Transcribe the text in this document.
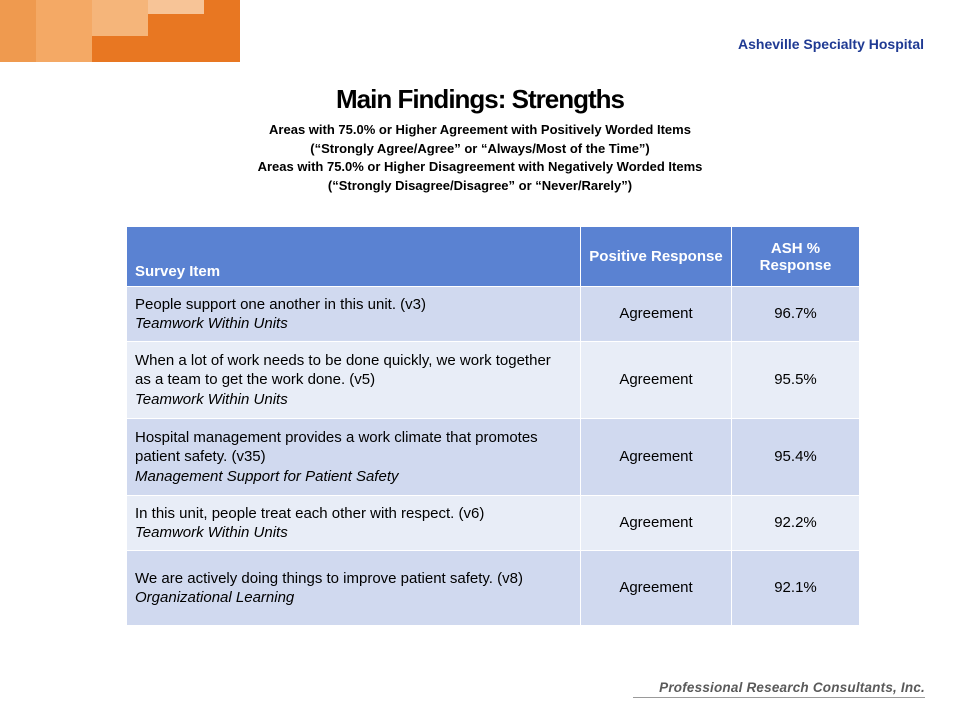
Asheville Specialty Hospital
Main Findings: Strengths
Areas with 75.0% or Higher Agreement with Positively Worded Items
(“Strongly Agree/Agree” or “Always/Most of the Time”)
Areas with 75.0% or Higher Disagreement with Negatively Worded Items
(“Strongly Disagree/Disagree” or “Never/Rarely”)
Survey Item	Positive Response	ASH % Response

People support one another in this unit. (v3)
Teamwork Within Units	Agreement	96.7%

When a lot of work needs to be done quickly, we work together as a team to get the work done. (v5)
Teamwork Within Units	Agreement	95.5%

Hospital management provides a work climate that promotes patient safety. (v35)
Management Support for Patient Safety	Agreement	95.4%

In this unit, people treat each other with respect. (v6)
Teamwork Within Units	Agreement	92.2%

We are actively doing things to improve patient safety. (v8)
Organizational Learning	Agreement	92.1%
Professional Research Consultants, Inc.
